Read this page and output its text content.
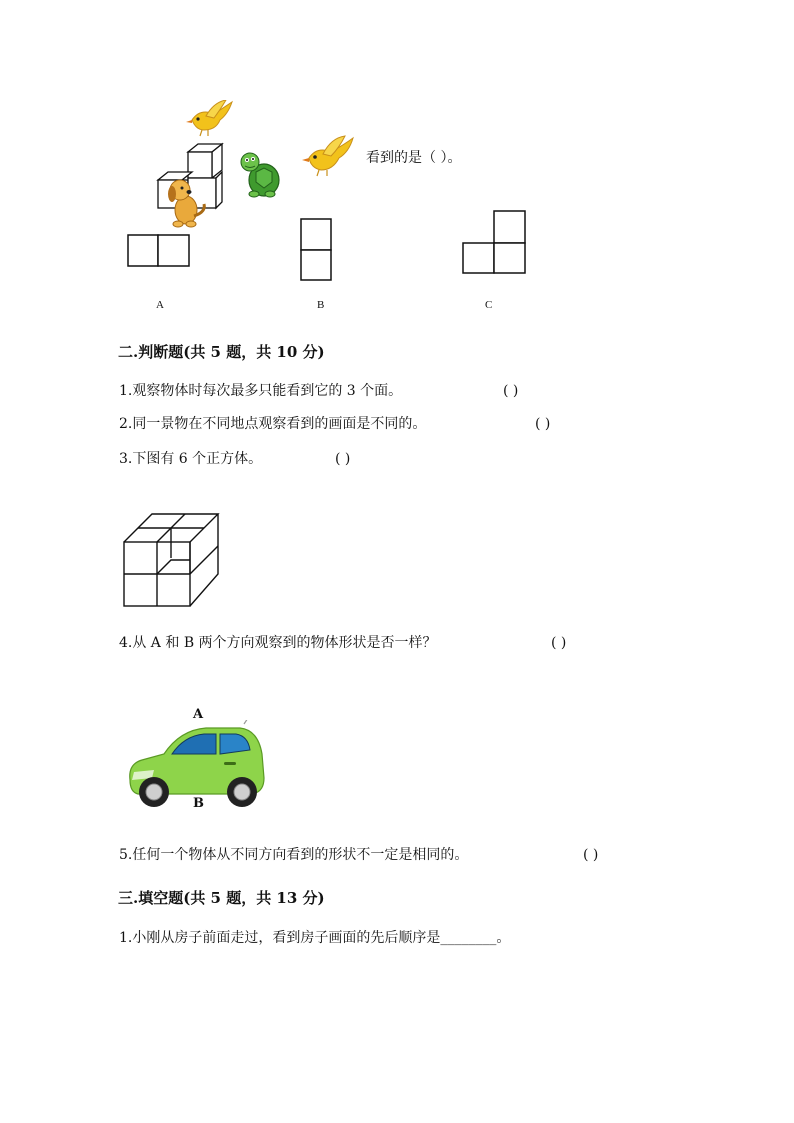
看到的是（ ）。
A	B	C
二.判断题(共 5 题，共 10 分)
1.观察物体时每次最多只能看到它的 3 个面。	( )
2.同一景物在不同地点观察看到的画面是不同的。	( )
3.下图有 6 个正方体。	( )
4.从 A 和 B 两个方向观察到的物体形状是否一样？	( )
A
B
5.任何一个物体从不同方向看到的形状不一定是相同的。	( )
三.填空题(共 5 题，共 13 分)
1.小刚从房子前面走过，看到房子画面的先后顺序是________。
